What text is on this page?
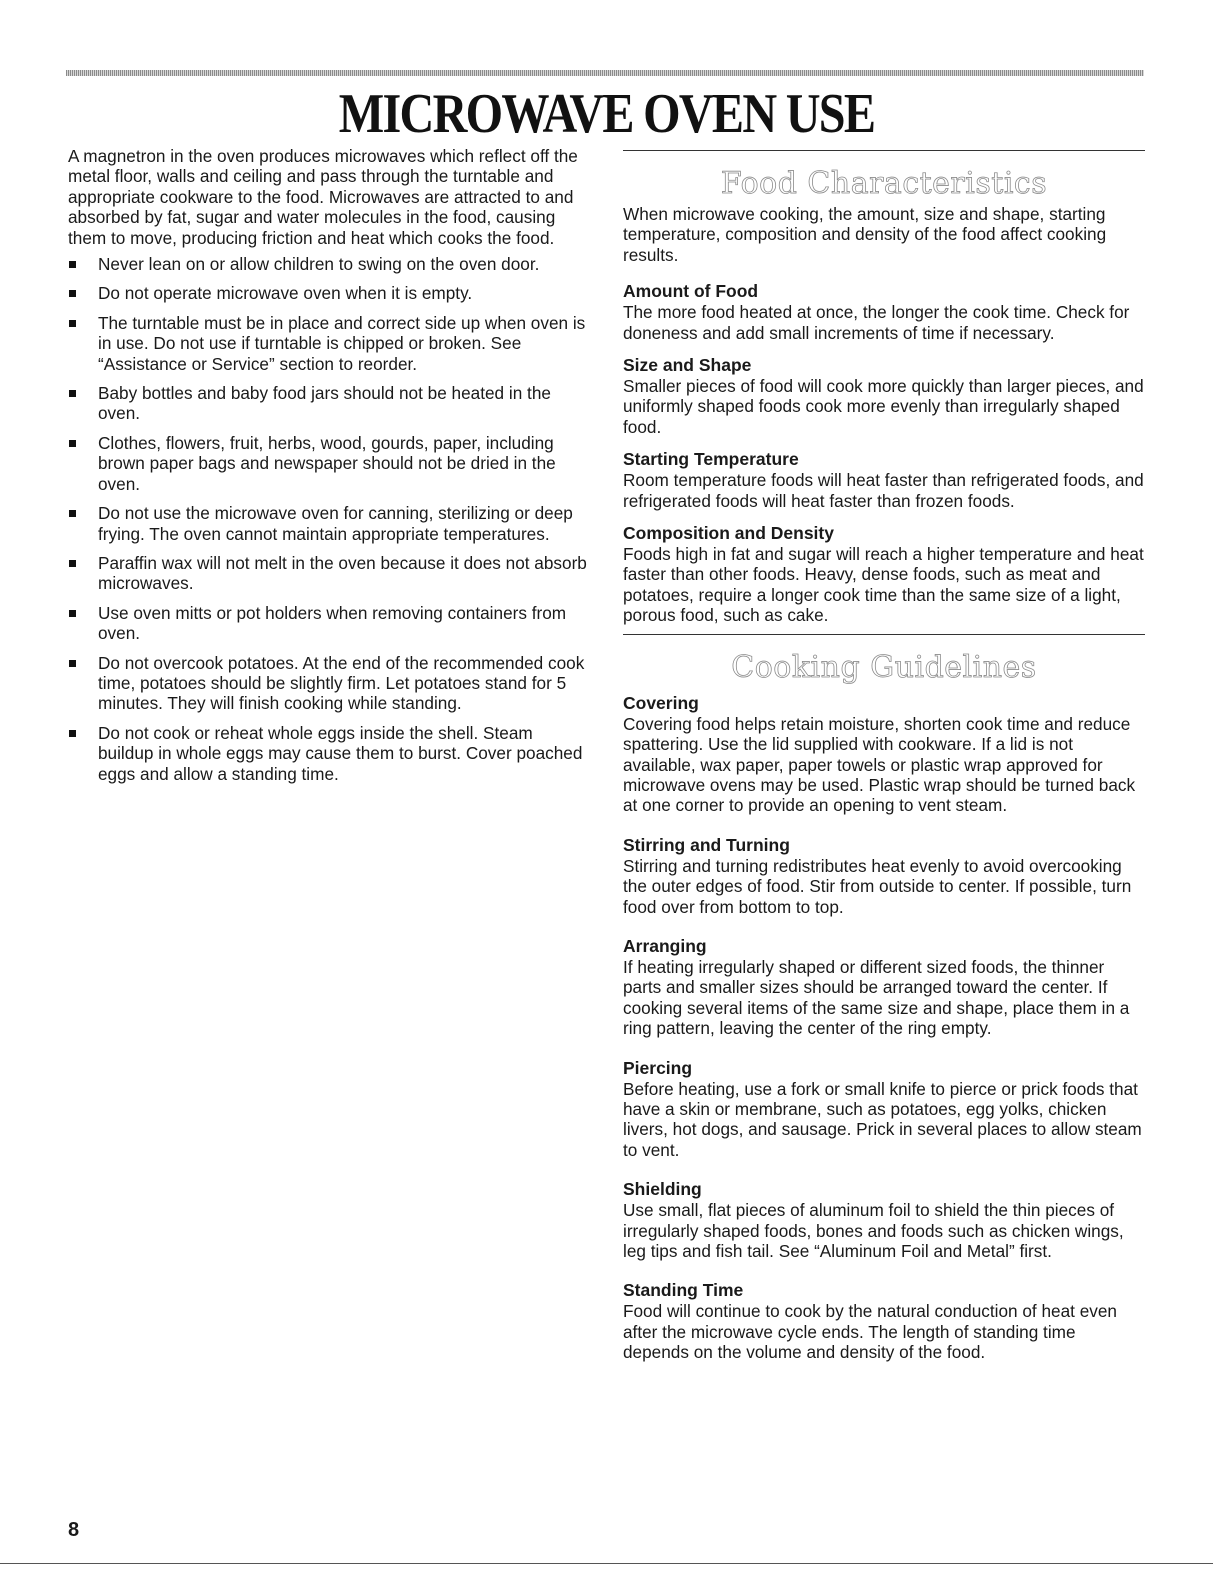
MICROWAVE OVEN USE

A magnetron in the oven produces microwaves which reflect off the metal floor, walls and ceiling and pass through the turntable and appropriate cookware to the food. Microwaves are attracted to and absorbed by fat, sugar and water molecules in the food, causing them to move, producing friction and heat which cooks the food.

Never lean on or allow children to swing on the oven door.
Do not operate microwave oven when it is empty.
The turntable must be in place and correct side up when oven is in use. Do not use if turntable is chipped or broken. See “Assistance or Service” section to reorder.
Baby bottles and baby food jars should not be heated in the oven.
Clothes, flowers, fruit, herbs, wood, gourds, paper, including brown paper bags and newspaper should not be dried in the oven.
Do not use the microwave oven for canning, sterilizing or deep frying. The oven cannot maintain appropriate temperatures.
Paraffin wax will not melt in the oven because it does not absorb microwaves.
Use oven mitts or pot holders when removing containers from oven.
Do not overcook potatoes. At the end of the recommended cook time, potatoes should be slightly firm. Let potatoes stand for 5 minutes. They will finish cooking while standing.
Do not cook or reheat whole eggs inside the shell. Steam buildup in whole eggs may cause them to burst. Cover poached eggs and allow a standing time.
Food Characteristics

When microwave cooking, the amount, size and shape, starting temperature, composition and density of the food affect cooking results.

Amount of Food

The more food heated at once, the longer the cook time. Check for doneness and add small increments of time if necessary.

Size and Shape

Smaller pieces of food will cook more quickly than larger pieces, and uniformly shaped foods cook more evenly than irregularly shaped food.

Starting Temperature

Room temperature foods will heat faster than refrigerated foods, and refrigerated foods will heat faster than frozen foods.

Composition and Density

Foods high in fat and sugar will reach a higher temperature and heat faster than other foods. Heavy, dense foods, such as meat and potatoes, require a longer cook time than the same size of a light, porous food, such as cake.

Cooking Guidelines
Covering

Covering food helps retain moisture, shorten cook time and reduce spattering. Use the lid supplied with cookware. If a lid is not available, wax paper, paper towels or plastic wrap approved for microwave ovens may be used. Plastic wrap should be turned back at one corner to provide an opening to vent steam.

Stirring and Turning

Stirring and turning redistributes heat evenly to avoid overcooking the outer edges of food. Stir from outside to center. If possible, turn food over from bottom to top.

Arranging

If heating irregularly shaped or different sized foods, the thinner parts and smaller sizes should be arranged toward the center. If cooking several items of the same size and shape, place them in a ring pattern, leaving the center of the ring empty.

Piercing

Before heating, use a fork or small knife to pierce or prick foods that have a skin or membrane, such as potatoes, egg yolks, chicken livers, hot dogs, and sausage. Prick in several places to allow steam to vent.

Shielding

Use small, flat pieces of aluminum foil to shield the thin pieces of irregularly shaped foods, bones and foods such as chicken wings, leg tips and fish tail. See “Aluminum Foil and Metal” first.

Standing Time

Food will continue to cook by the natural conduction of heat even after the microwave cycle ends. The length of standing time depends on the volume and density of the food.

8
